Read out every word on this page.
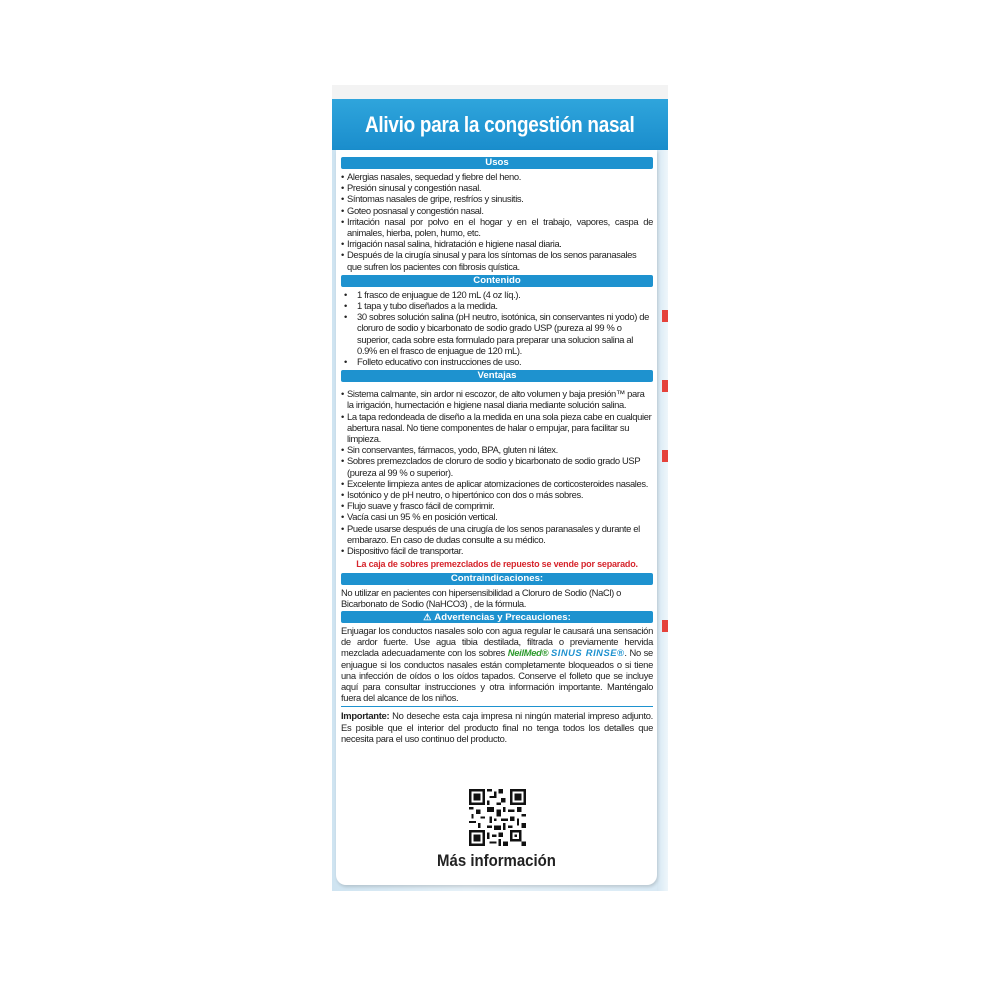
Alivio para la congestión nasal
Usos
• Alergias nasales, sequedad y fiebre del heno.
• Presión sinusal y congestión nasal.
• Síntomas nasales de gripe, resfríos y sinusitis.
• Goteo posnasal y congestión nasal.
• Irritación nasal por polvo en el hogar y en el trabajo, vapores, caspa de animales, hierba, polen, humo, etc.
• Irrigación nasal salina, hidratación e higiene nasal diaria.
• Después de la cirugía sinusal y para los síntomas de los senos paranasales que sufren los pacientes con fibrosis quística.
Contenido
• 1 frasco de enjuague de 120 mL (4 oz líq.).
• 1 tapa y tubo diseñados a la medida.
• 30 sobres solución salina (pH neutro, isotónica, sin conservantes ni yodo) de cloruro de sodio y bicarbonato de sodio grado USP (pureza al 99 % o superior, cada sobre esta formulado para preparar una solucion salina al 0.9% en el frasco de enjuague de 120 mL).
• Folleto educativo con instrucciones de uso.
Ventajas
• Sistema calmante, sin ardor ni escozor, de alto volumen y baja presión™ para la irrigación, humectación e higiene nasal diaria mediante solución salina.
• La tapa redondeada de diseño a la medida en una sola pieza cabe en cualquier abertura nasal. No tiene componentes de halar o empujar, para facilitar su limpieza.
• Sin conservantes, fármacos, yodo, BPA, gluten ni látex.
• Sobres premezclados de cloruro de sodio y bicarbonato de sodio grado USP (pureza al 99 % o superior).
• Excelente limpieza antes de aplicar atomizaciones de corticosteroides nasales.
• Isotónico y de pH neutro, o hipertónico con dos o más sobres.
• Flujo suave y frasco fácil de comprimir.
• Vacía casi un 95 % en posición vertical.
• Puede usarse después de una cirugía de los senos paranasales y durante el embarazo. En caso de dudas consulte a su médico.
• Dispositivo fácil de transportar.
La caja de sobres premezclados de repuesto se vende por separado.
Contraindicaciones:
No utilizar en pacientes con hipersensibilidad a Cloruro de Sodio (NaCl) o Bicarbonato de Sodio (NaHCO3) , de la fórmula.
⚠ Advertencias y Precauciones:
Enjuagar los conductos nasales solo con agua regular le causará una sensación de ardor fuerte. Use agua tibia destilada, filtrada o previamente hervida mezclada adecuadamente con los sobres NeilMed® SINUS RINSE®. No se enjuague si los conductos nasales están completamente bloqueados o si tiene una infección de oídos o los oídos tapados. Conserve el folleto que se incluye aquí para consultar instrucciones y otra información importante. Manténgalo fuera del alcance de los niños.
Importante: No deseche esta caja impresa ni ningún material impreso adjunto. Es posible que el interior del producto final no tenga todos los detalles que necesita para el uso continuo del producto.
Más información
